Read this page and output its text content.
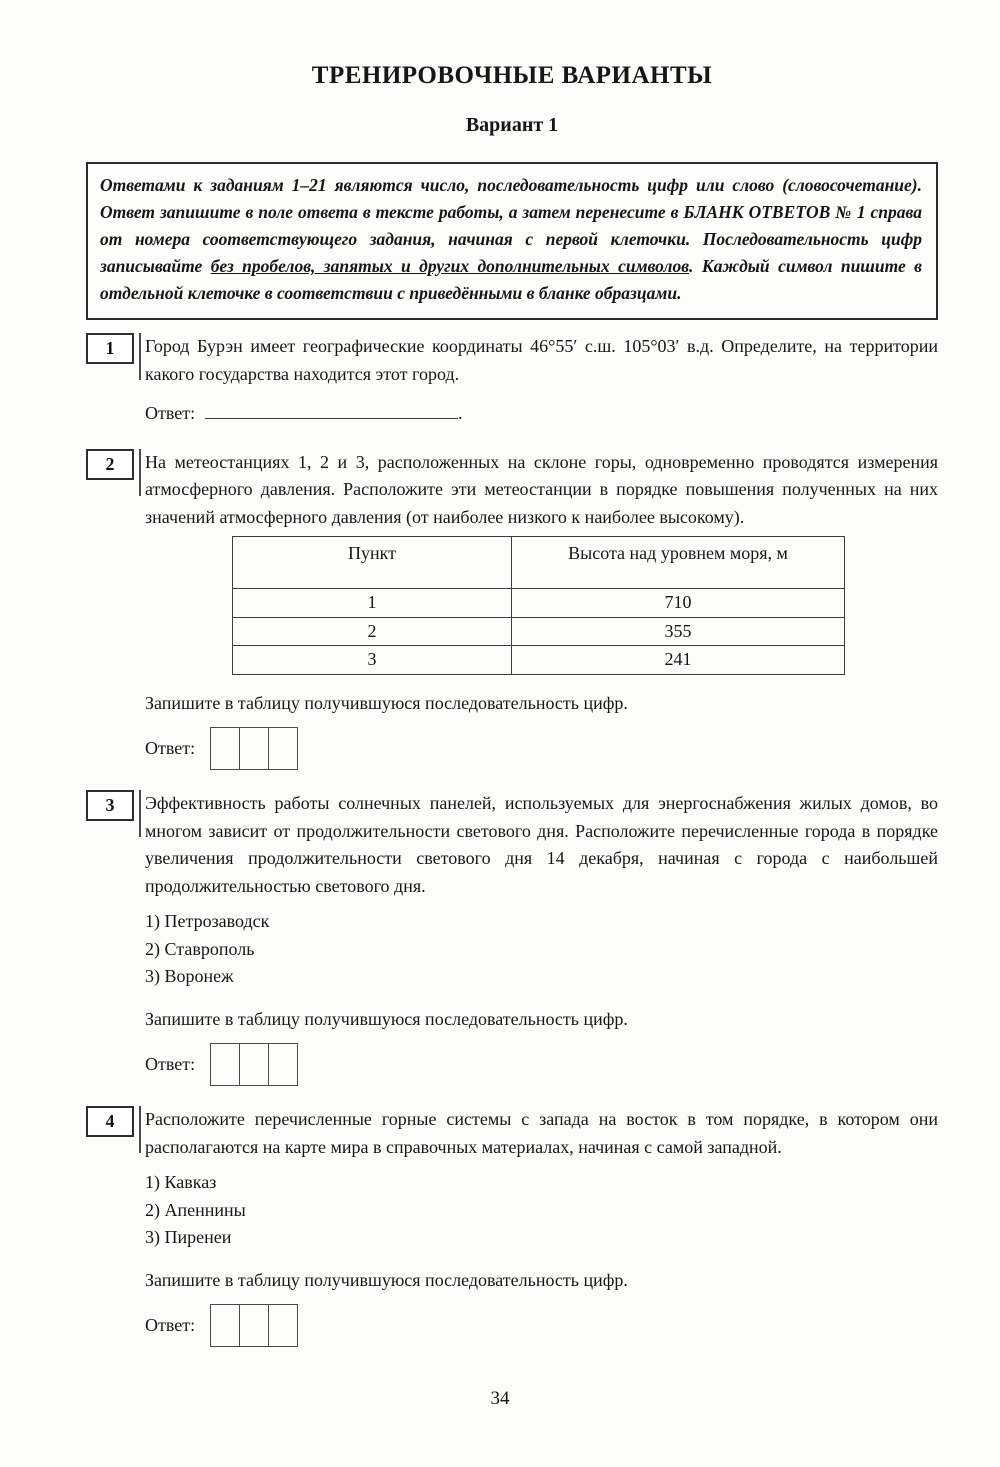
ТРЕНИРОВОЧНЫЕ ВАРИАНТЫ
Вариант 1
Ответами к заданиям 1–21 являются число, последовательность цифр или слово (словосочетание). Ответ запишите в поле ответа в тексте работы, а затем перенесите в БЛАНК ОТВЕТОВ № 1 справа от номера соответствующего задания, начиная с первой клеточки. Последовательность цифр записывайте без пробелов, запятых и других дополнительных символов. Каждый символ пишите в отдельной клеточке в соответствии с приведёнными в бланке образцами.
1	Город Бурэн имеет географические координаты 46°55′ с.ш. 105°03′ в.д. Определите, на территории какого государства находится этот город.
Ответ:	.
2	На метеостанциях 1, 2 и 3, расположенных на склоне горы, одновременно проводятся измерения атмосферного давления. Расположите эти метеостанции в порядке повышения полученных на них значений атмосферного давления (от наиболее низкого к наиболее высокому).
Пункт	Высота над уровнем моря, м
1	710
2	355
3	241
Запишите в таблицу получившуюся последовательность цифр.
Ответ:
3	Эффективность работы солнечных панелей, используемых для энергоснабжения жилых домов, во многом зависит от продолжительности светового дня. Расположите перечисленные города в порядке увеличения продолжительности светового дня 14 декабря, начиная с города с наибольшей продолжительностью светового дня.
1) Петрозаводск
2) Ставрополь
3) Воронеж
Запишите в таблицу получившуюся последовательность цифр.
Ответ:
4	Расположите перечисленные горные системы с запада на восток в том порядке, в котором они располагаются на карте мира в справочных материалах, начиная с самой западной.
1) Кавказ
2) Апеннины
3) Пиренеи
Запишите в таблицу получившуюся последовательность цифр.
Ответ:
34
